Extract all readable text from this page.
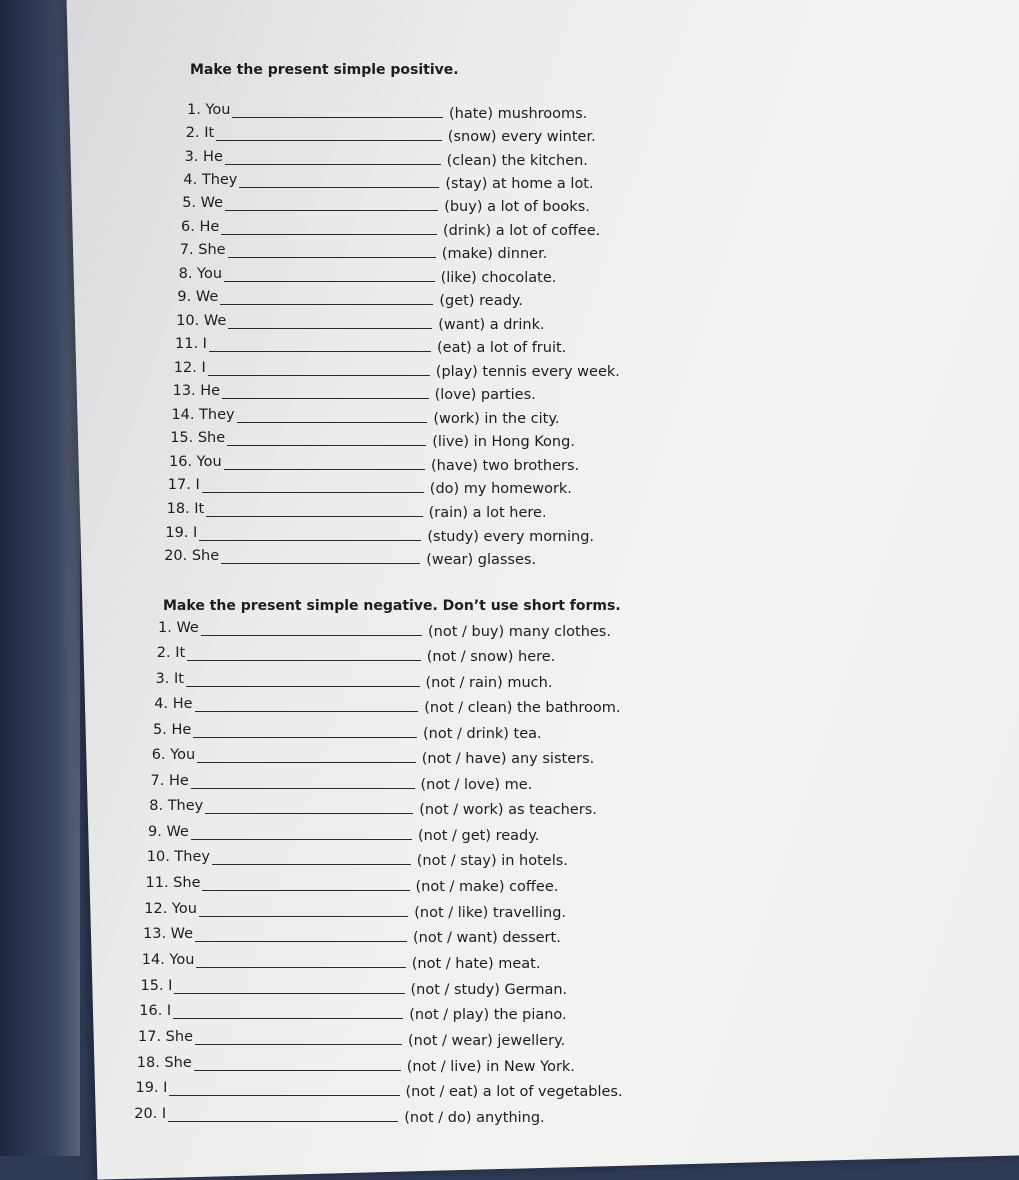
Make the present simple positive.
1. You	(hate) mushrooms.
2. It	(snow) every winter.
3. He	(clean) the kitchen.
4. They	(stay) at home a lot.
5. We	(buy) a lot of books.
6. He	(drink) a lot of coffee.
7. She	(make) dinner.
8. You	(like) chocolate.
9. We	(get) ready.
10. We	(want) a drink.
11. I	(eat) a lot of fruit.
12. I	(play) tennis every week.
13. He	(love) parties.
14. They	(work) in the city.
15. She	(live) in Hong Kong.
16. You	(have) two brothers.
17. I	(do) my homework.
18. It	(rain) a lot here.
19. I	(study) every morning.
20. She	(wear) glasses.
Make the present simple negative. Don’t use short forms.
1. We	(not / buy) many clothes.
2. It	(not / snow) here.
3. It	(not / rain) much.
4. He	(not / clean) the bathroom.
5. He	(not / drink) tea.
6. You	(not / have) any sisters.
7. He	(not / love) me.
8. They	(not / work) as teachers.
9. We	(not / get) ready.
10. They	(not / stay) in hotels.
11. She	(not / make) coffee.
12. You	(not / like) travelling.
13. We	(not / want) dessert.
14. You	(not / hate) meat.
15. I	(not / study) German.
16. I	(not / play) the piano.
17. She	(not / wear) jewellery.
18. She	(not / live) in New York.
19. I	(not / eat) a lot of vegetables.
20. I	(not / do) anything.
